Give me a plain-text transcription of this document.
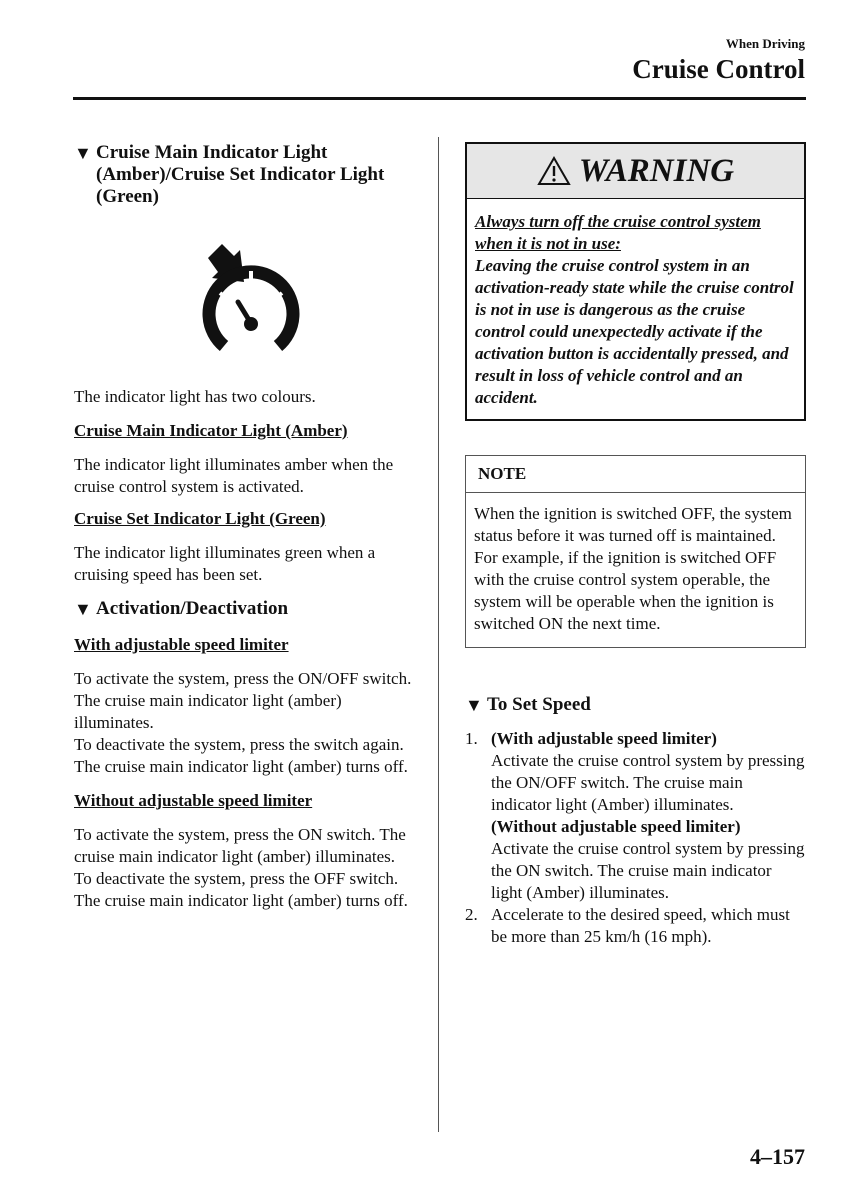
When Driving
Cruise Control
▼ Cruise Main Indicator Light (Amber)/Cruise Set Indicator Light (Green)

The indicator light has two colours.

Cruise Main Indicator Light (Amber)

The indicator light illuminates amber when the cruise control system is activated.

Cruise Set Indicator Light (Green)

The indicator light illuminates green when a cruising speed has been set.

▼ Activation/Deactivation

With adjustable speed limiter

To activate the system, press the ON/OFF switch. The cruise main indicator light (amber) illuminates.

To deactivate the system, press the switch again.

The cruise main indicator light (amber) turns off.

Without adjustable speed limiter

To activate the system, press the ON switch. The cruise main indicator light (amber) illuminates.

To deactivate the system, press the OFF switch.

The cruise main indicator light (amber) turns off.

WARNING

Always turn off the cruise control system when it is not in use:

Leaving the cruise control system in an activation-ready state while the cruise control is not in use is dangerous as the cruise control could unexpectedly activate if the activation button is accidentally pressed, and result in loss of vehicle control and an accident.

NOTE
When the ignition is switched OFF, the system status before it was turned off is maintained. For example, if the ignition is switched OFF with the cruise control system operable, the system will be operable when the ignition is switched ON the next time.
▼ To Set Speed
1. (With adjustable speed limiter)

Activate the cruise control system by pressing the ON/OFF switch. The cruise main indicator light (Amber) illuminates.

(Without adjustable speed limiter)

Activate the cruise control system by pressing the ON switch. The cruise main indicator light (Amber) illuminates.

2. Accelerate to the desired speed, which must be more than 25 km/h (16 mph).

4–157
